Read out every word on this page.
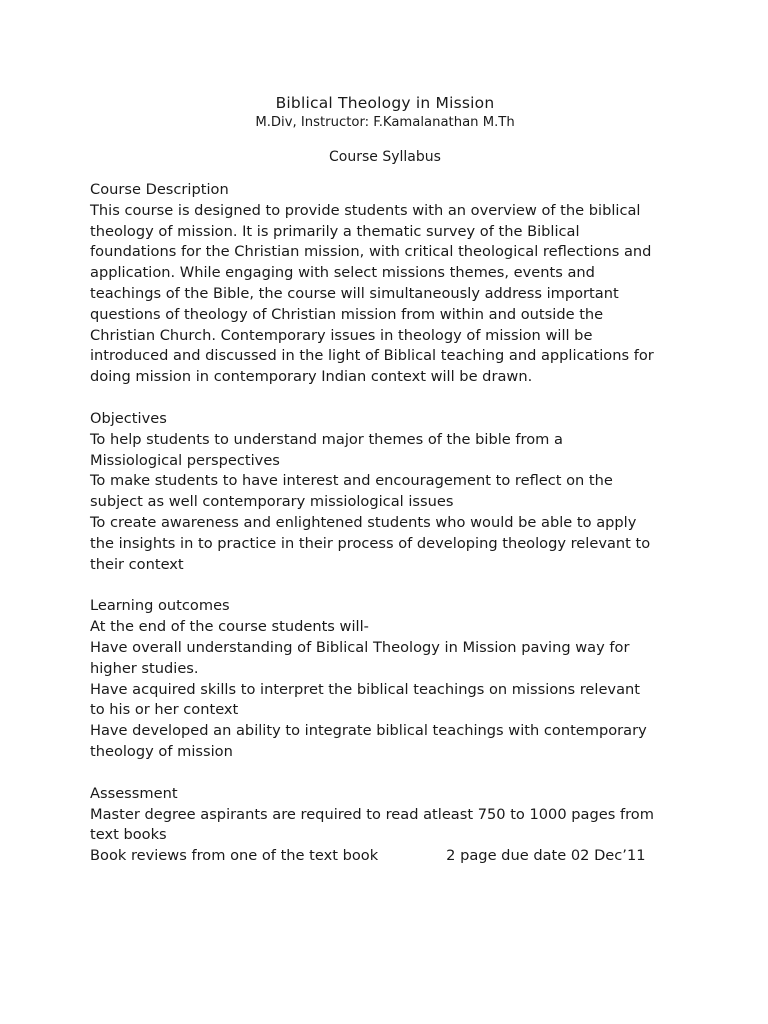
Biblical Theology in Mission
M.Div, Instructor: F.Kamalanathan M.Th
Course Syllabus
Course Description
This course is designed to provide students with an overview of the biblical
theology of mission. It is primarily a thematic survey of the Biblical
foundations for the Christian mission, with critical theological reflections and
application. While engaging with select missions themes, events and
teachings of the Bible, the course will simultaneously address important
questions of theology of Christian mission from within and outside the
Christian Church. Contemporary issues in theology of mission will be
introduced and discussed in the light of Biblical teaching and applications for
doing mission in contemporary Indian context will be drawn.
Objectives
To help students to understand major themes of the bible from a
Missiological perspectives
To make students to have interest and encouragement to reflect on the
subject as well contemporary missiological issues
To create awareness and enlightened students who would be able to apply
the insights in to practice in their process of developing theology relevant to
their context
Learning outcomes
At the end of the course students will-
Have overall understanding of Biblical Theology in Mission paving way for
higher studies.
Have acquired skills to interpret the biblical teachings on missions relevant
to his or her context
Have developed an ability to integrate biblical teachings with contemporary
theology of mission
Assessment
Master degree aspirants are required to read atleast 750 to 1000 pages from
text books
Book reviews from one of the text book	2 page due date 02 Dec’11
